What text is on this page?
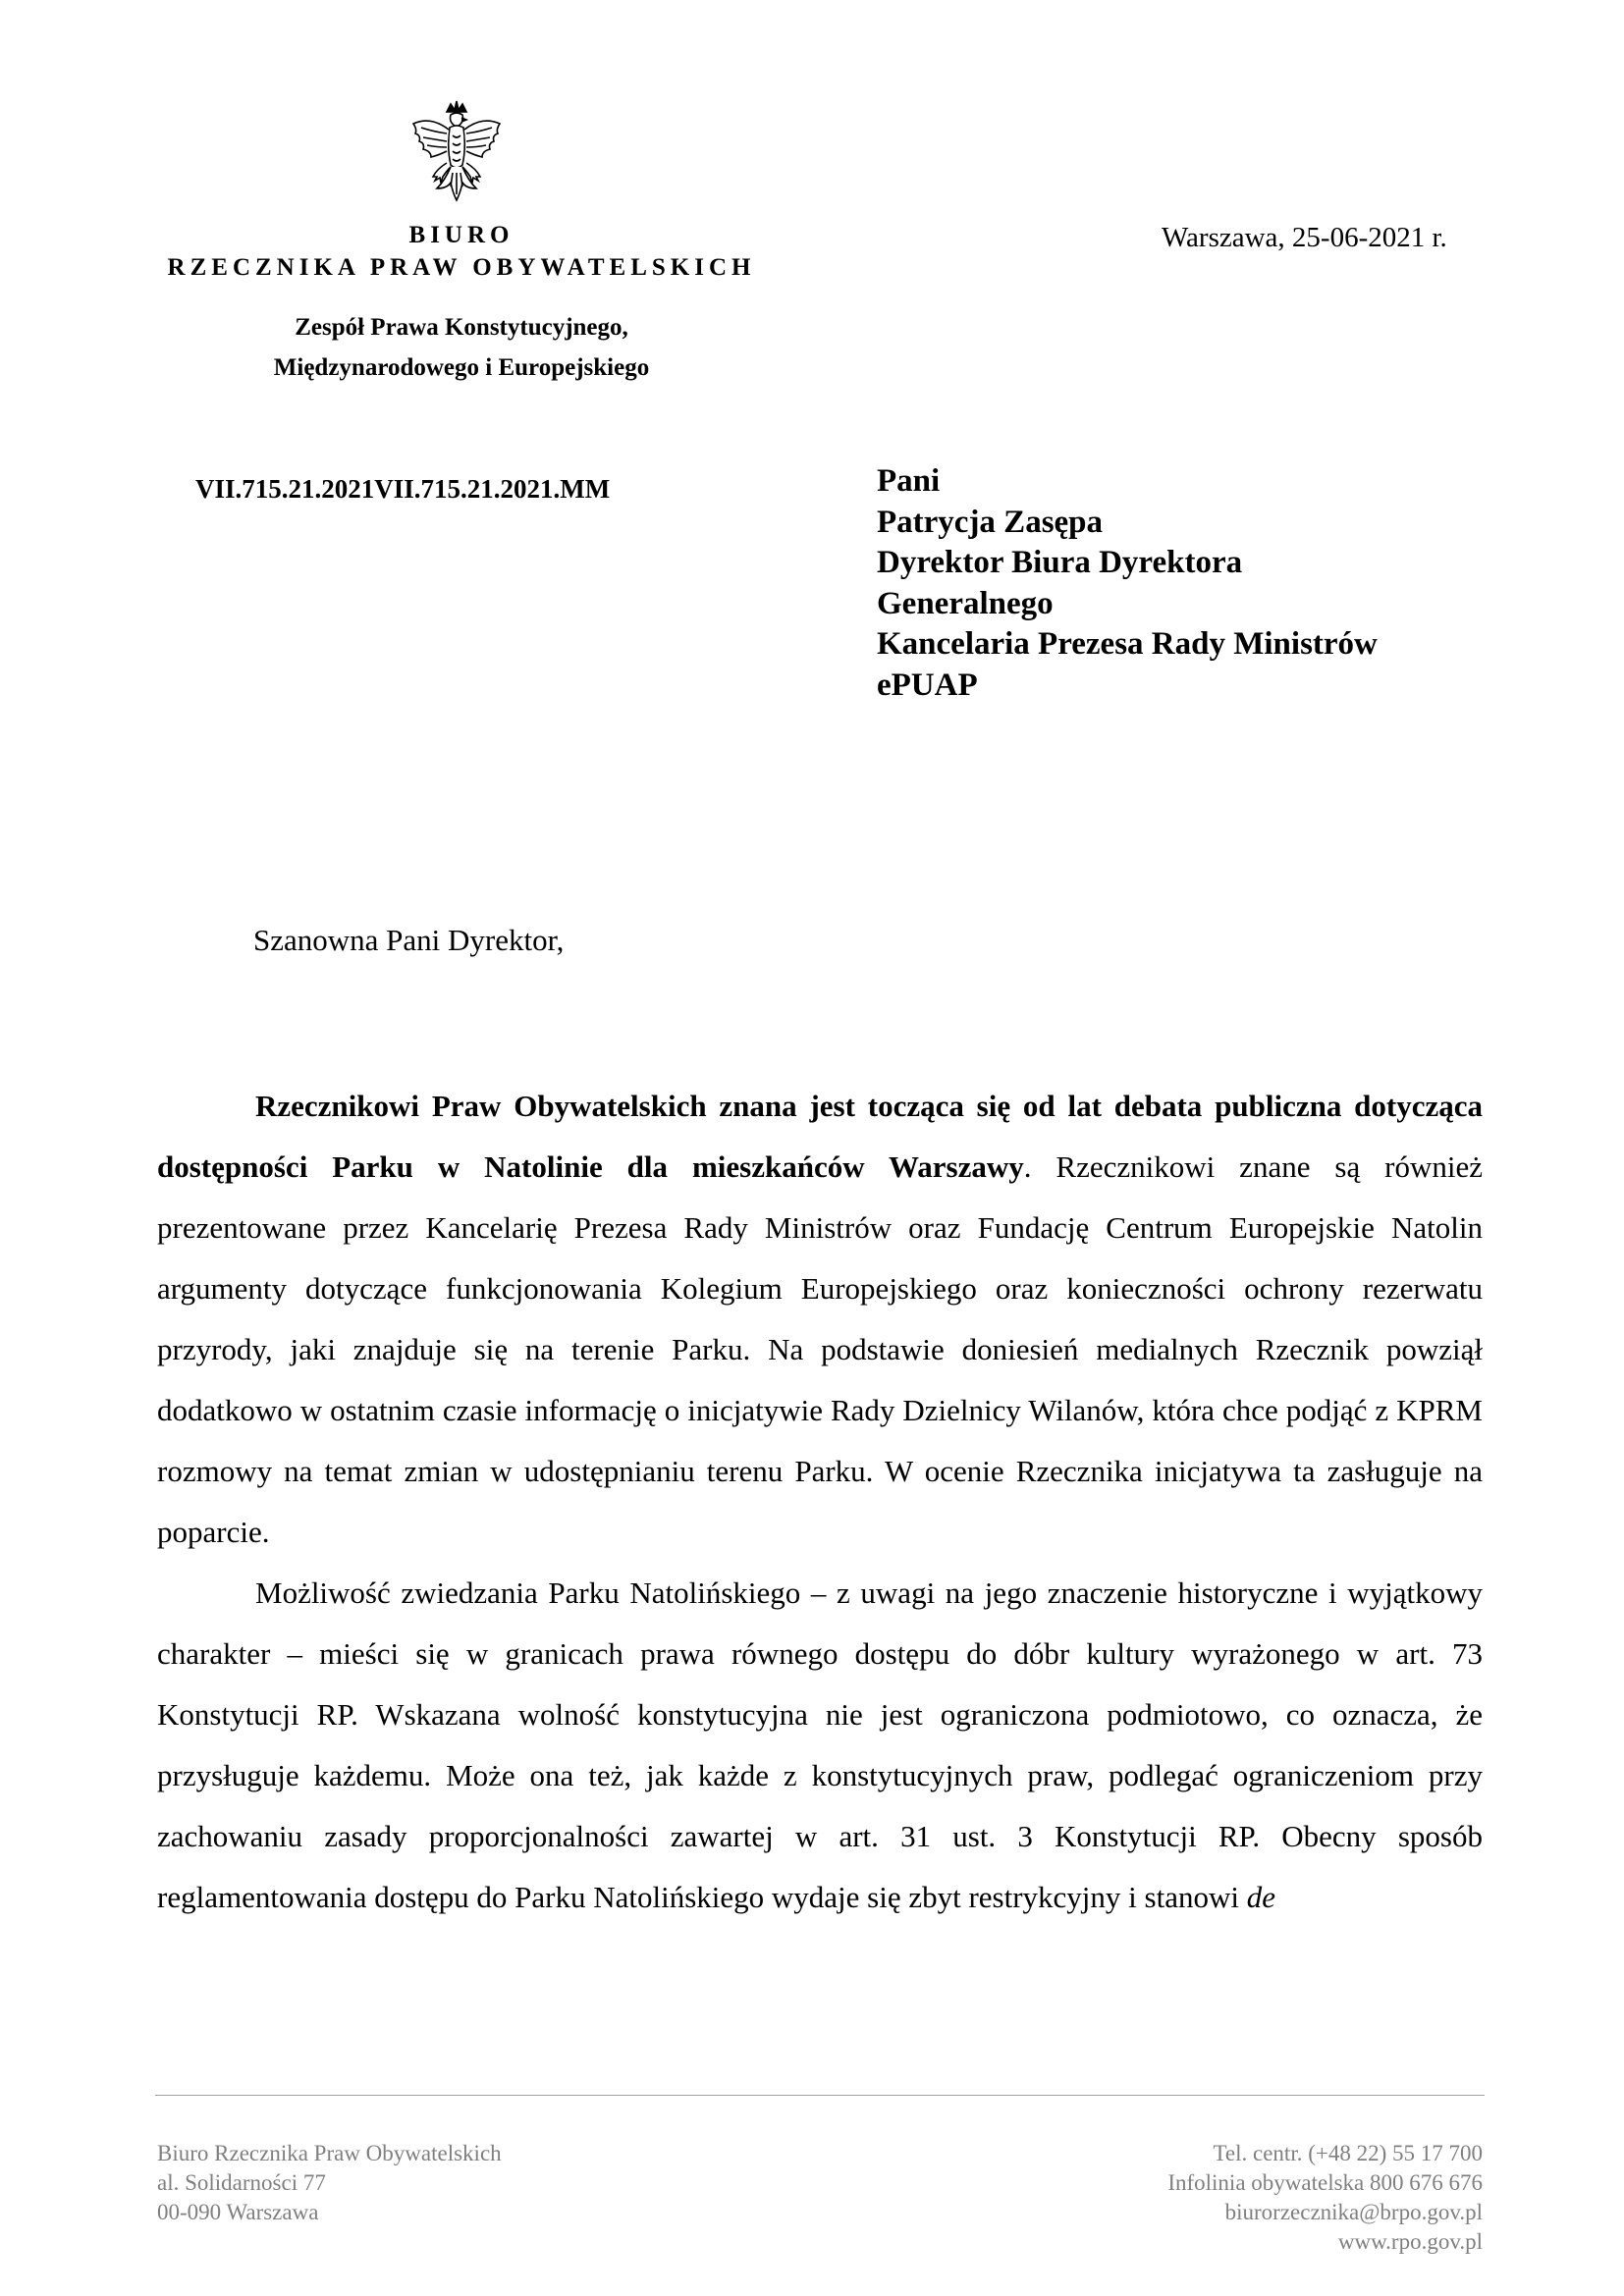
BIURO
RZECZNIKA PRAW OBYWATELSKICH
Zespół Prawa Konstytucyjnego,
Międzynarodowego i Europejskiego
Warszawa, 25-06-2021 r.
VII.715.21.2021VII.715.21.2021.MM	Pani
Patrycja Zasępa
Dyrektor Biura Dyrektora
Generalnego
Kancelaria Prezesa Rady Ministrów
ePUAP
Szanowna Pani Dyrektor,

Rzecznikowi Praw Obywatelskich znana jest tocząca się od lat debata publiczna dotycząca dostępności Parku w Natolinie dla mieszkańców Warszawy. Rzecznikowi znane są również prezentowane przez Kancelarię Prezesa Rady Ministrów oraz Fundację Centrum Europejskie Natolin argumenty dotyczące funkcjonowania Kolegium Europejskiego oraz konieczności ochrony rezerwatu przyrody, jaki znajduje się na terenie Parku. Na podstawie doniesień medialnych Rzecznik powziął dodatkowo w ostatnim czasie informację o inicjatywie Rady Dzielnicy Wilanów, która chce podjąć z KPRM rozmowy na temat zmian w udostępnianiu terenu Parku. W ocenie Rzecznika inicjatywa ta zasługuje na poparcie.

Możliwość zwiedzania Parku Natolińskiego – z uwagi na jego znaczenie historyczne i wyjątkowy charakter – mieści się w granicach prawa równego dostępu do dóbr kultury wyrażonego w art. 73 Konstytucji RP. Wskazana wolność konstytucyjna nie jest ograniczona podmiotowo, co oznacza, że przysługuje każdemu. Może ona też, jak każde z konstytucyjnych praw, podlegać ograniczeniom przy zachowaniu zasady proporcjonalności zawartej w art. 31 ust. 3 Konstytucji RP. Obecny sposób reglamentowania dostępu do Parku Natolińskiego wydaje się zbyt restrykcyjny i stanowi de

Biuro Rzecznika Praw Obywatelskich
al. Solidarności 77
00-090 Warszawa
Tel. centr. (+48 22) 55 17 700
Infolinia obywatelska 800 676 676
biurorzecznika@brpo.gov.pl
www.rpo.gov.pl
